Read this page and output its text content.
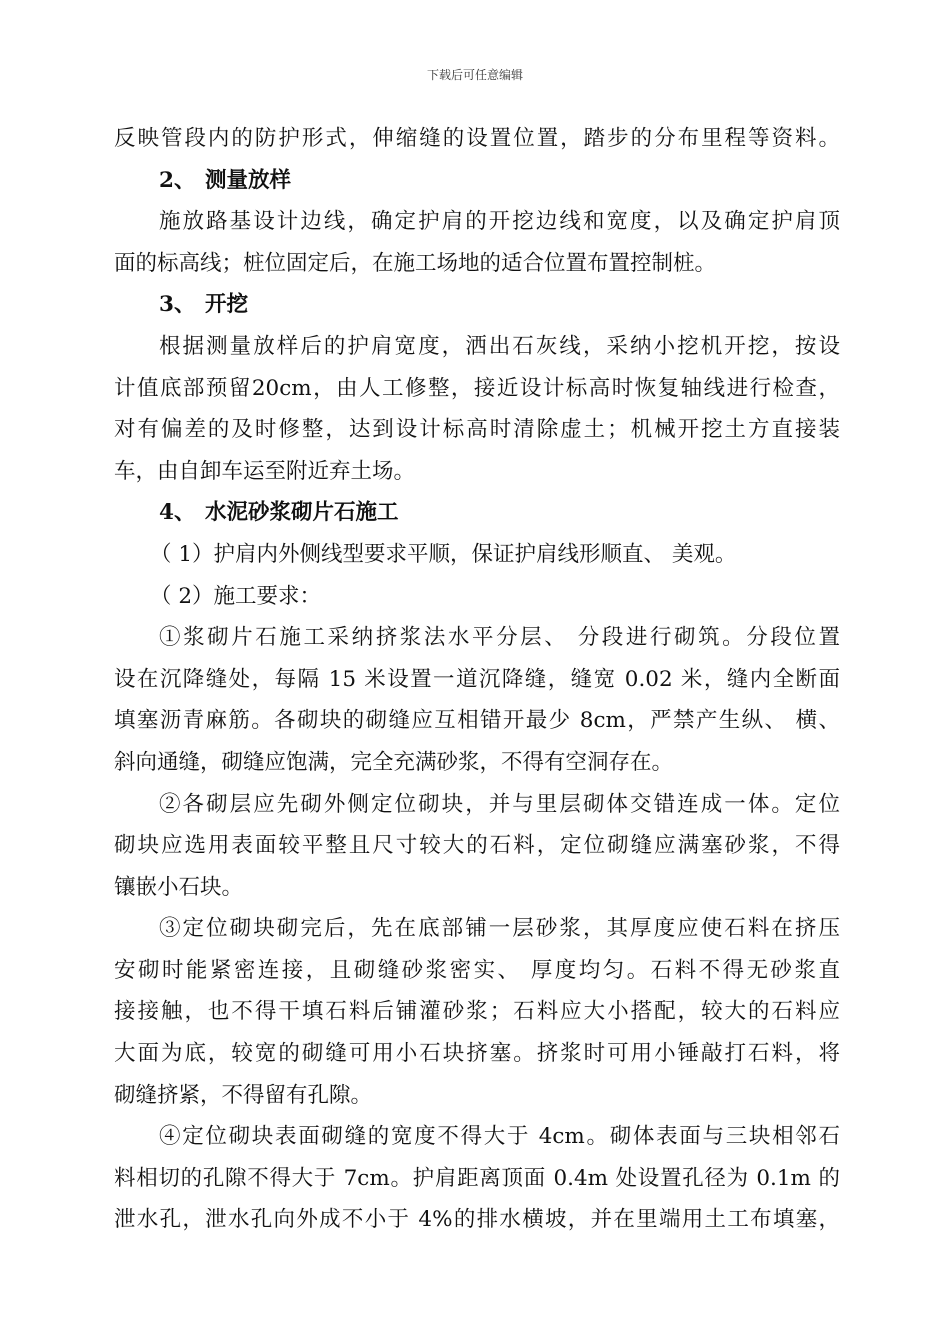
下载后可任意编辑
反映管段内的防护形式，伸缩缝的设置位置，踏步的分布里程等资料。
2、 测量放样
施放路基设计边线，确定护肩的开挖边线和宽度，以及确定护肩顶
面的标高线；桩位固定后，在施工场地的适合位置布置控制桩。
3、 开挖
根据测量放样后的护肩宽度，洒出石灰线，采纳小挖机开挖，按设
计值底部预留20cm，由人工修整，接近设计标高时恢复轴线进行检查，
对有偏差的及时修整，达到设计标高时清除虚土；机械开挖土方直接装
车，由自卸车运至附近弃土场。
4、 水泥砂浆砌片石施工
（ 1）护肩内外侧线型要求平顺，保证护肩线形顺直、 美观。
（ 2）施工要求：
①浆砌片石施工采纳挤浆法水平分层、 分段进行砌筑。分段位置
设在沉降缝处，每隔 15 米设置一道沉降缝，缝宽 0.02 米，缝内全断面
填塞沥青麻筋。各砌块的砌缝应互相错开最少 8cm，严禁产生纵、 横、
斜向通缝，砌缝应饱满，完全充满砂浆，不得有空洞存在。
②各砌层应先砌外侧定位砌块，并与里层砌体交错连成一体。定位
砌块应选用表面较平整且尺寸较大的石料，定位砌缝应满塞砂浆，不得
镶嵌小石块。
③定位砌块砌完后，先在底部铺一层砂浆，其厚度应使石料在挤压
安砌时能紧密连接，且砌缝砂浆密实、 厚度均匀。石料不得无砂浆直
接接触，也不得干填石料后铺灌砂浆；石料应大小搭配，较大的石料应
大面为底，较宽的砌缝可用小石块挤塞。挤浆时可用小锤敲打石料，将
砌缝挤紧，不得留有孔隙。
④定位砌块表面砌缝的宽度不得大于 4cm。砌体表面与三块相邻石
料相切的孔隙不得大于 7cm。护肩距离顶面 0.4m 处设置孔径为 0.1m 的
泄水孔，泄水孔向外成不小于 4%的排水横坡，并在里端用土工布填塞，
